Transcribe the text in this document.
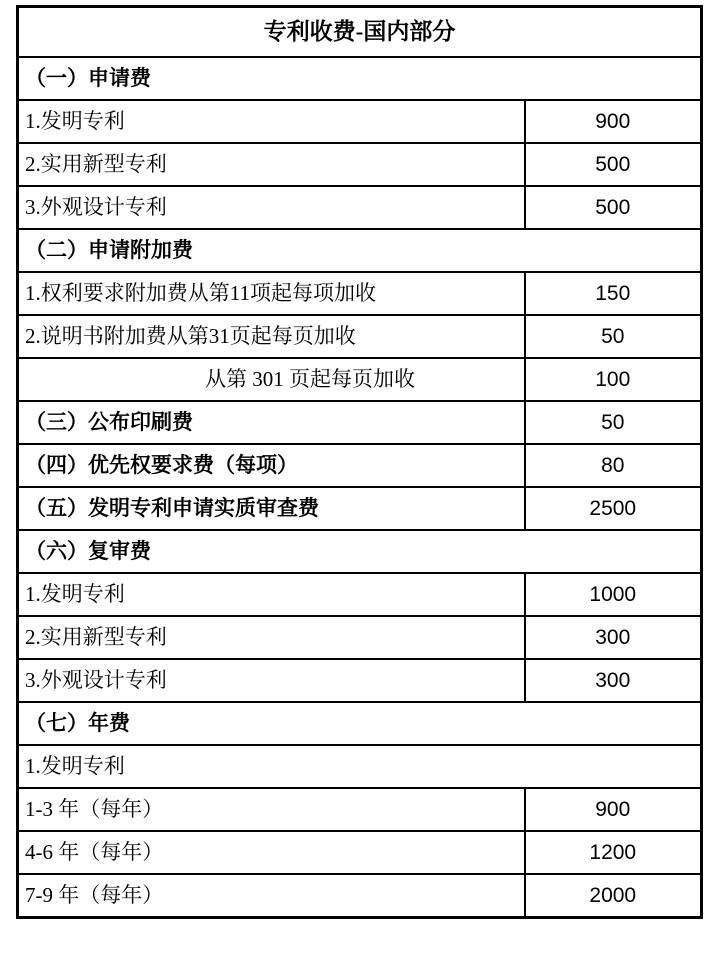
专利收费-国内部分	
（一）申请费	
1.发明专利	900
2.实用新型专利	500
3.外观设计专利	500
（二）申请附加费	
1.权利要求附加费从第11项起每项加收	150
2.说明书附加费从第31页起每页加收	50
从第 301 页起每页加收	100
（三）公布印刷费	50
（四）优先权要求费（每项）	80
（五）发明专利申请实质审查费	2500
（六）复审费	
1.发明专利	1000
2.实用新型专利	300
3.外观设计专利	300
（七）年费	
1.发明专利	
1-3 年（每年）	900
4-6 年（每年）	1200
7-9 年（每年）	2000
